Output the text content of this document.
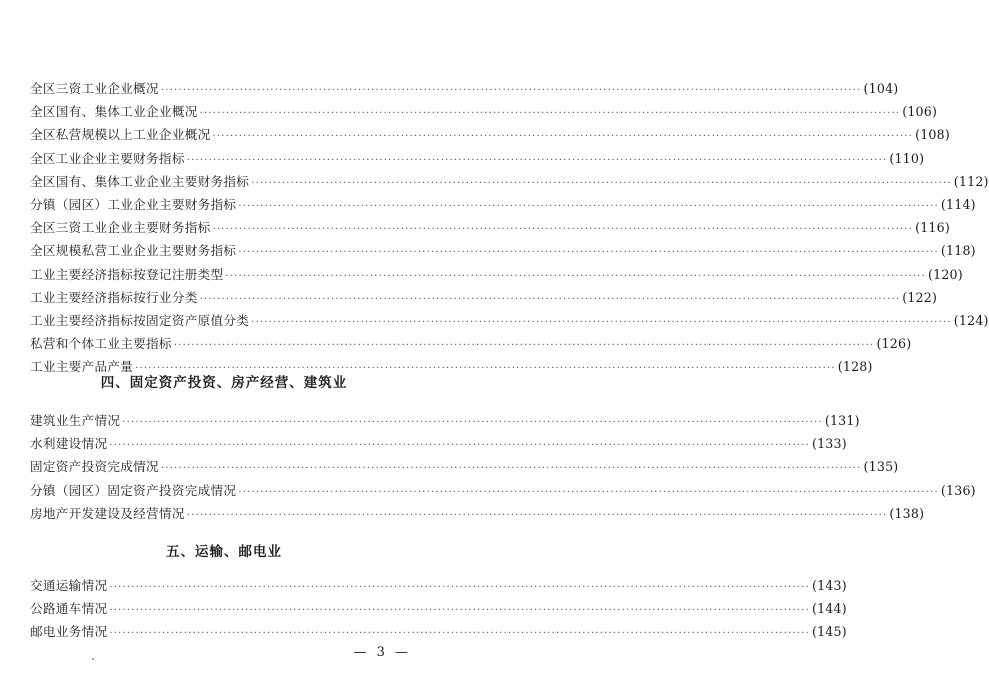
全区三资工业企业概况 ································································································································································ (104)
全区国有、集体工业企业概况 ································································································································································ (106)
全区私营规模以上工业企业概况 ································································································································································ (108)
全区工业企业主要财务指标 ································································································································································ (110)
全区国有、集体工业企业主要财务指标 ································································································································································ (112)
分镇（园区）工业企业主要财务指标 ································································································································································ (114)
全区三资工业企业主要财务指标 ································································································································································ (116)
全区规模私营工业企业主要财务指标 ································································································································································ (118)
工业主要经济指标按登记注册类型 ································································································································································ (120)
工业主要经济指标按行业分类 ································································································································································ (122)
工业主要经济指标按固定资产原值分类 ································································································································································ (124)
私营和个体工业主要指标 ································································································································································ (126)
工业主要产品产量 ································································································································································ (128)
四、固定资产投资、房产经营、建筑业
建筑业生产情况 ································································································································································ (131)
水利建设情况 ································································································································································ (133)
固定资产投资完成情况 ································································································································································ (135)
分镇（园区）固定资产投资完成情况 ································································································································································ (136)
房地产开发建设及经营情况 ································································································································································ (138)
五、运输、邮电业
交通运输情况 ································································································································································ (143)
公路通车情况 ································································································································································ (144)
邮电业务情况 ································································································································································ (145)
— 3 —
